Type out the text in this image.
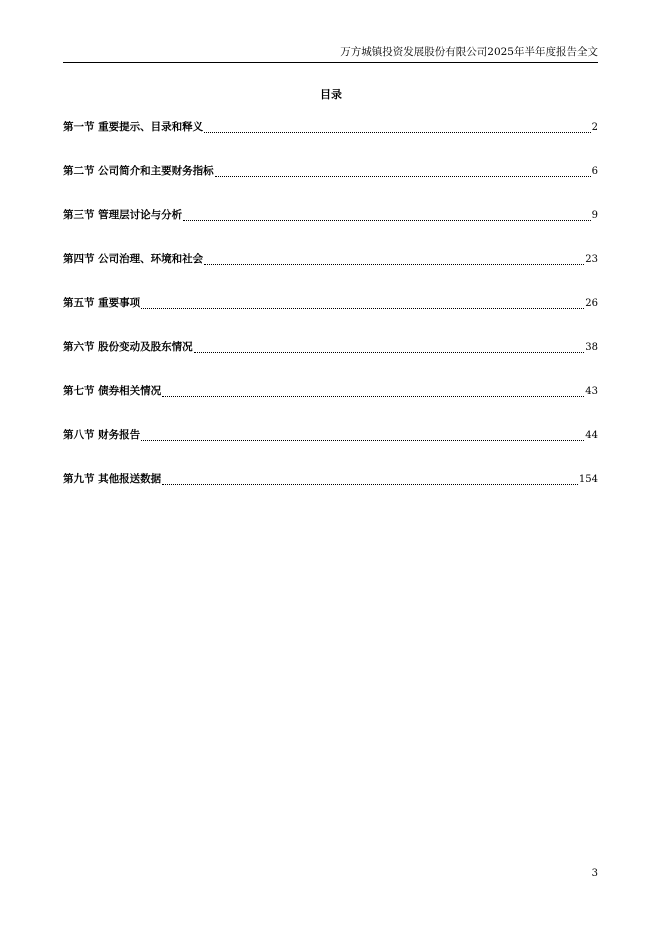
万方城镇投资发展股份有限公司2025年半年度报告全文
目录
第一节 重要提示、目录和释义	2
第二节 公司简介和主要财务指标	6
第三节 管理层讨论与分析	9
第四节 公司治理、环境和社会	23
第五节 重要事项	26
第六节 股份变动及股东情况	38
第七节 债券相关情况	43
第八节 财务报告	44
第九节 其他报送数据	154
3
